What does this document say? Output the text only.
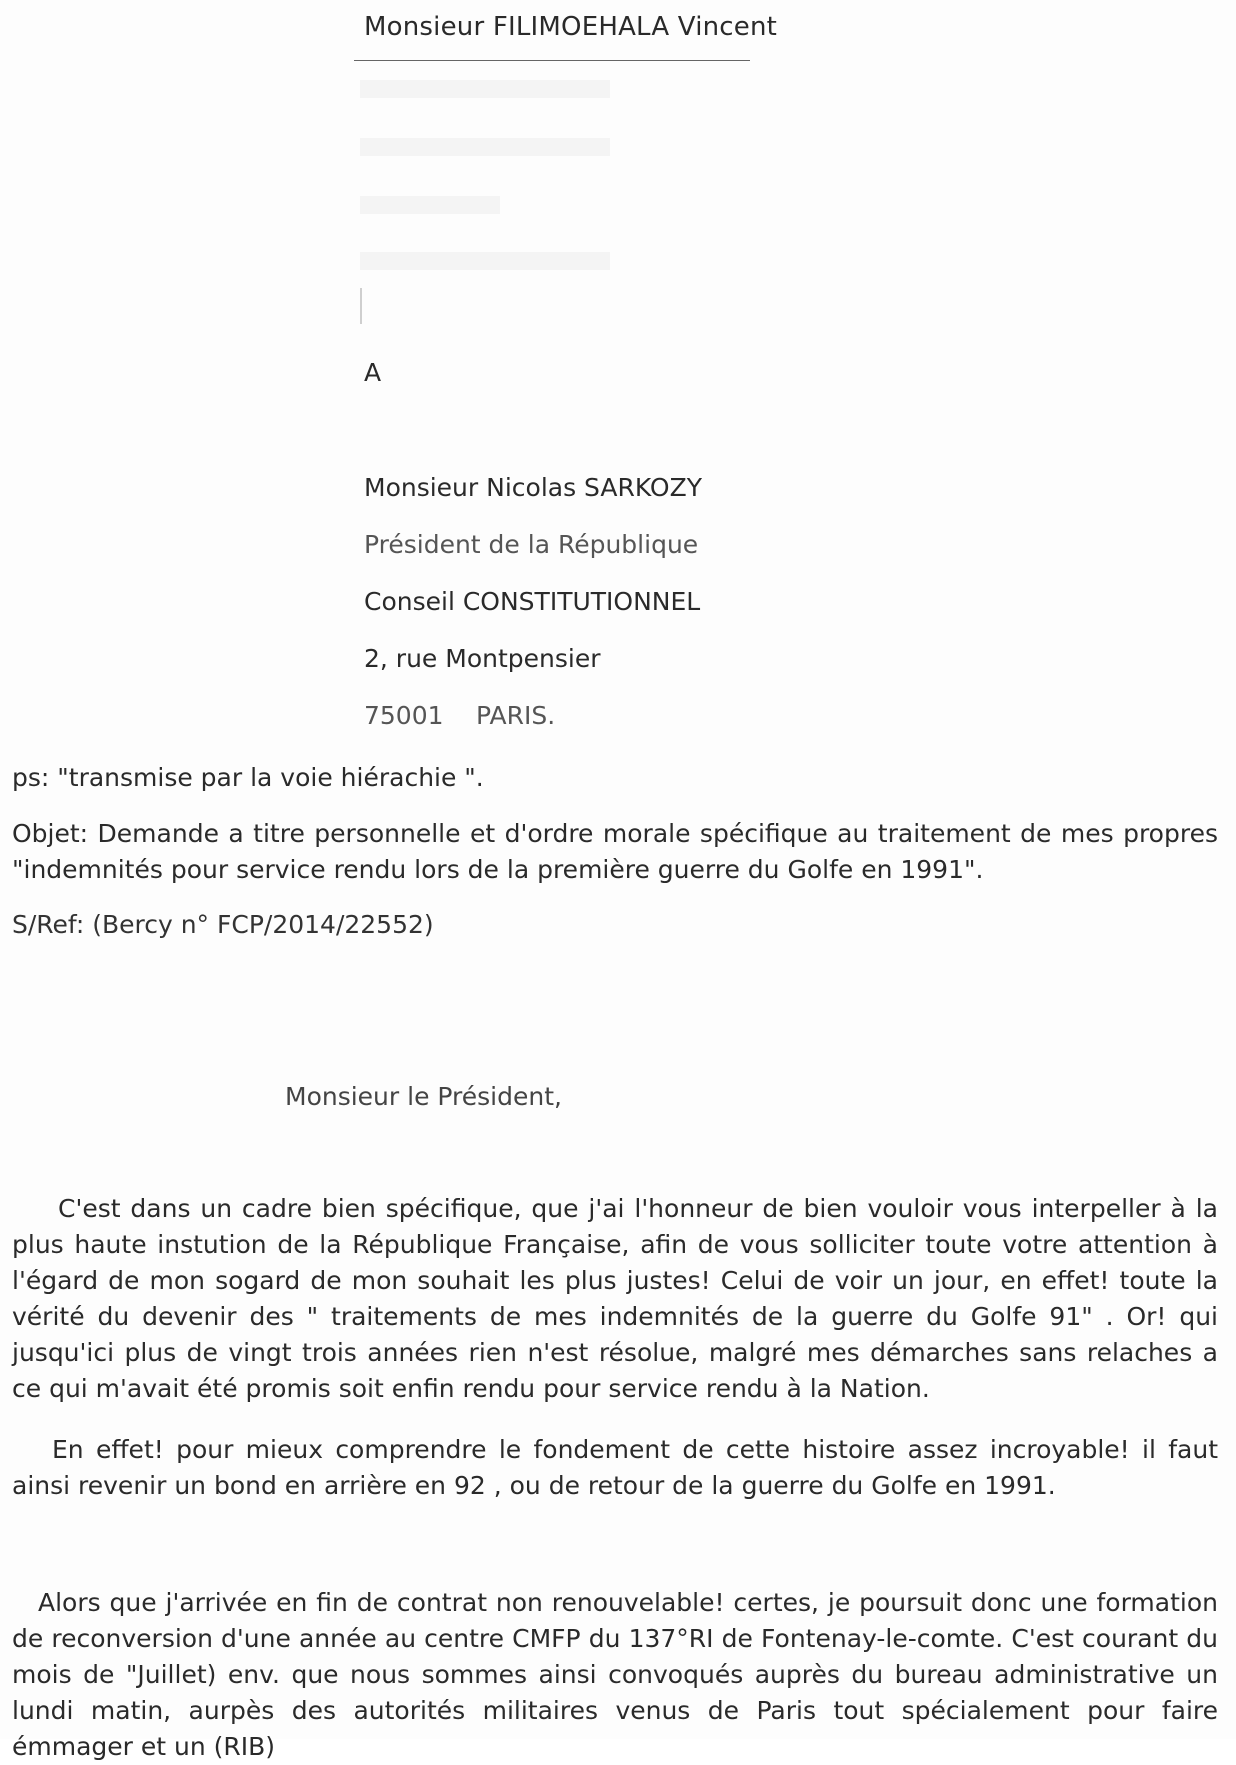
Monsieur FILIMOEHALA Vincent
A
Monsieur Nicolas SARKOZY
Président de la République
Conseil CONSTITUTIONNEL
2, rue Montpensier
75001 PARIS.
ps: "transmise par la voie hiérachie ".
Objet: Demande a titre personnelle et d'ordre morale spécifique au traitement de mes propres "indemnités pour service rendu lors de la première guerre du Golfe en 1991".
S/Ref: (Bercy n° FCP/2014/22552)
Monsieur le Président,
C'est dans un cadre bien spécifique, que j'ai l'honneur de bien vouloir vous interpeller à la plus haute instution de la République Française, afin de vous solliciter toute votre attention à l'égard de mon sogard de mon souhait les plus justes! Celui de voir un jour, en effet! toute la vérité du devenir des " traitements de mes indemnités de la guerre du Golfe 91" . Or! qui jusqu'ici plus de vingt trois années rien n'est résolue, malgré mes démarches sans relaches a ce qui m'avait été promis soit enfin rendu pour service rendu à la Nation.
En effet! pour mieux comprendre le fondement de cette histoire assez incroyable! il faut ainsi revenir un bond en arrière en 92 , ou de retour de la guerre du Golfe en 1991.
Alors que j'arrivée en fin de contrat non renouvelable! certes, je poursuit donc une formation de reconversion d'une année au centre CMFP du 137°RI de Fontenay-le-comte. C'est courant du mois de "Juillet) env. que nous sommes ainsi convoqués auprès du bureau administrative un lundi matin, aurpès des autorités militaires venus de Paris tout spécialement pour faire émmager et un (RIB)
